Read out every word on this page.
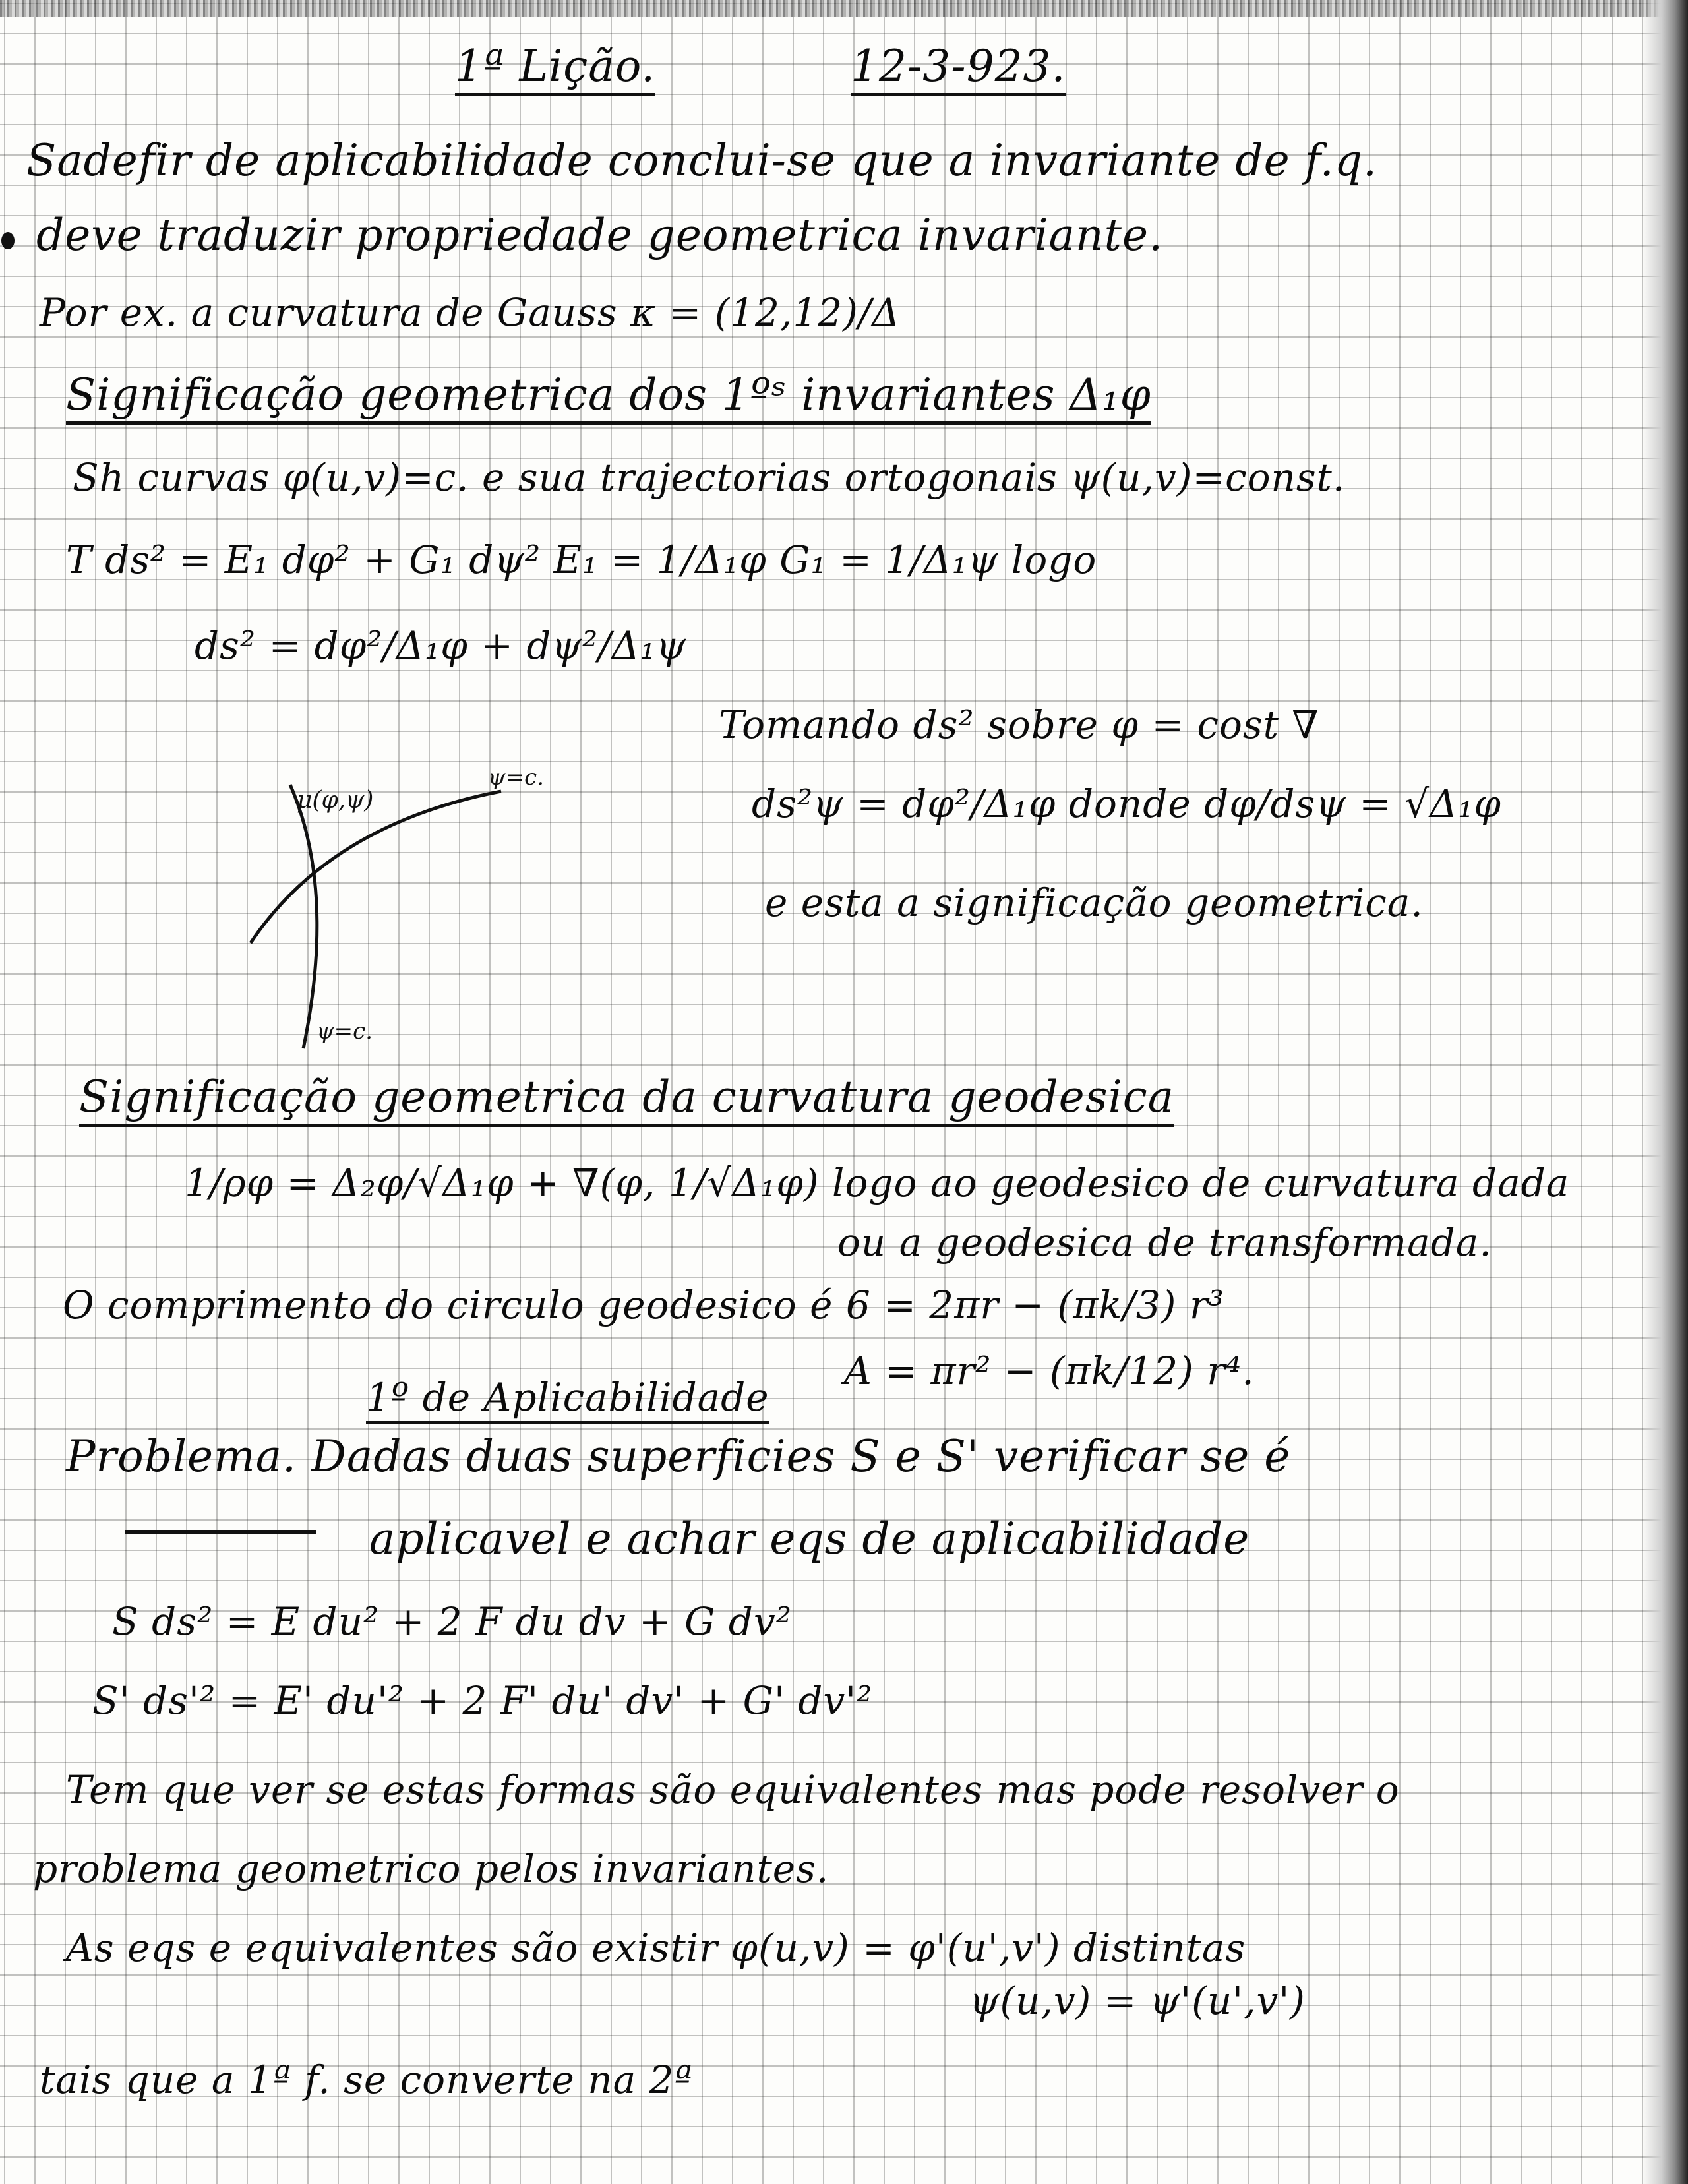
1ª Lição.	12-3-923.
Sadefir de aplicabilidade conclui-se que a invariante de f.q.
deve traduzir propriedade geometrica invariante.
Por ex. a curvatura de Gauss κ = (12,12)/Δ
Significação geometrica dos 1ºˢ invariantes Δ₁φ
Sh curvas φ(u,v)=c. e sua trajectorias ortogonais ψ(u,v)=const.
T ds² = E₁ dφ² + G₁ dψ² E₁ = 1/Δ₁φ G₁ = 1/Δ₁ψ logo
ds² = dφ²/Δ₁φ + dψ²/Δ₁ψ
Tomando ds² sobre φ = cost ∇
ds²ψ = dφ²/Δ₁φ donde dφ/dsψ = √Δ₁φ
e esta a significação geometrica.
μ(φ,ψ)
ψ=c.
ψ=c.
Significação geometrica da curvatura geodesica
1/ρφ = Δ₂φ/√Δ₁φ + ∇(φ, 1/√Δ₁φ) logo ao geodesico de curvatura dada
ou a geodesica de transformada.
O comprimento do circulo geodesico é 6 = 2πr − (πk/3) r³
A = πr² − (πk/12) r⁴.
1º de Aplicabilidade
Problema. Dadas duas superficies S e S' verificar se é
aplicavel e achar eqs de aplicabilidade
S ds² = E du² + 2 F du dv + G dv²
S' ds'² = E' du'² + 2 F' du' dv' + G' dv'²
Tem que ver se estas formas são equivalentes mas pode resolver o
problema geometrico pelos invariantes.
As eqs e equivalentes são existir φ(u,v) = φ'(u',v') distintas
ψ(u,v) = ψ'(u',v')
tais que a 1ª f. se converte na 2ª
